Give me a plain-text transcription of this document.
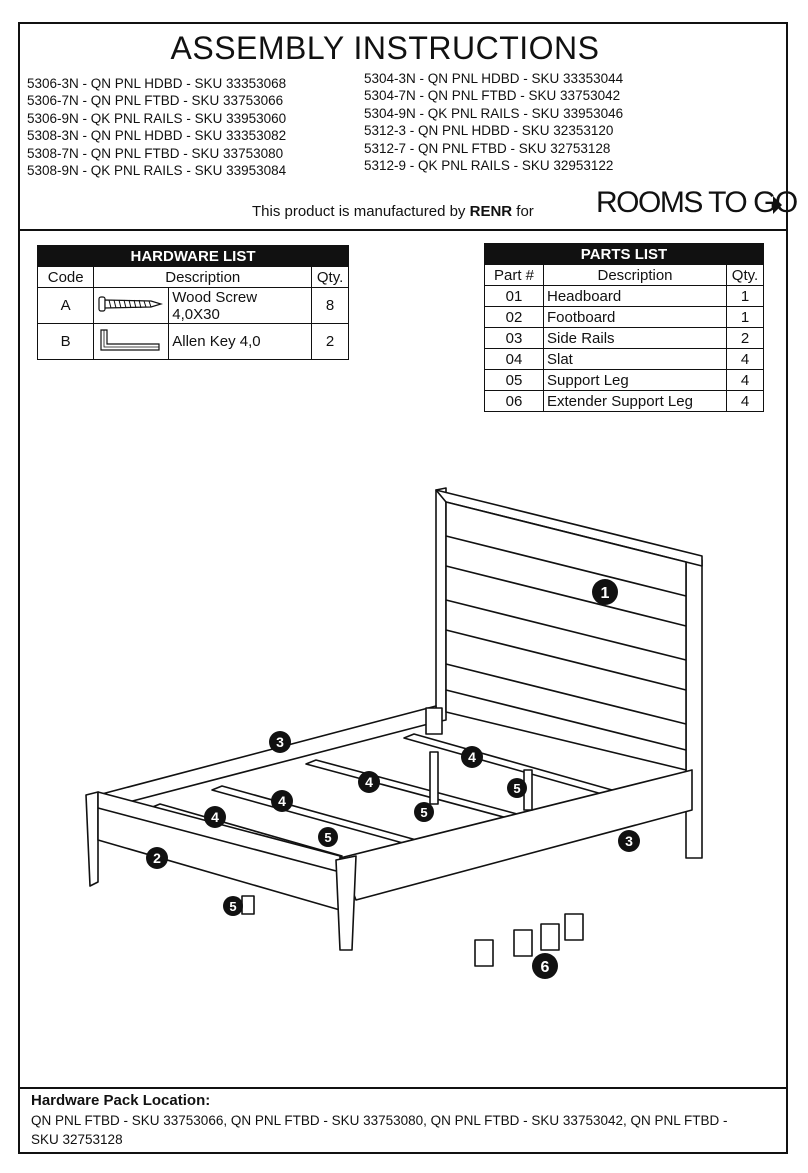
ASSEMBLY INSTRUCTIONS
5306-3N - QN PNL HDBD - SKU 33353068
5306-7N - QN PNL FTBD - SKU 33753066
5306-9N - QK PNL RAILS - SKU 33953060
5308-3N - QN PNL HDBD - SKU 33353082
5308-7N - QN PNL FTBD - SKU 33753080
5308-9N - QK PNL RAILS - SKU 33953084
5304-3N - QN PNL HDBD - SKU 33353044
5304-7N - QN PNL FTBD - SKU 33753042
5304-9N - QK PNL RAILS - SKU 33953046
5312-3 - QN PNL HDBD - SKU 32353120
5312-7 - QN PNL FTBD - SKU 32753128
5312-9 - QK PNL RAILS - SKU 32953122
This product is manufactured by RENR for ROOMS TO GO
HARDWARE LIST			
Code	Description		Qty.
A		Wood Screw 4,0X30	8
B		Allen Key 4,0	2
PARTS LIST		
Part #	Description	Qty.
01	Headboard	1
02	Footboard	1
03	Side Rails	2
04	Slat	4
05	Support Leg	4
06	Extender Support Leg	4
1
2
3
3
4
4
4
4
5
5
5
5
6
Hardware Pack Location:
QN PNL FTBD - SKU 33753066, QN PNL FTBD - SKU 33753080, QN PNL FTBD - SKU 33753042, QN PNL FTBD - SKU 32753128
